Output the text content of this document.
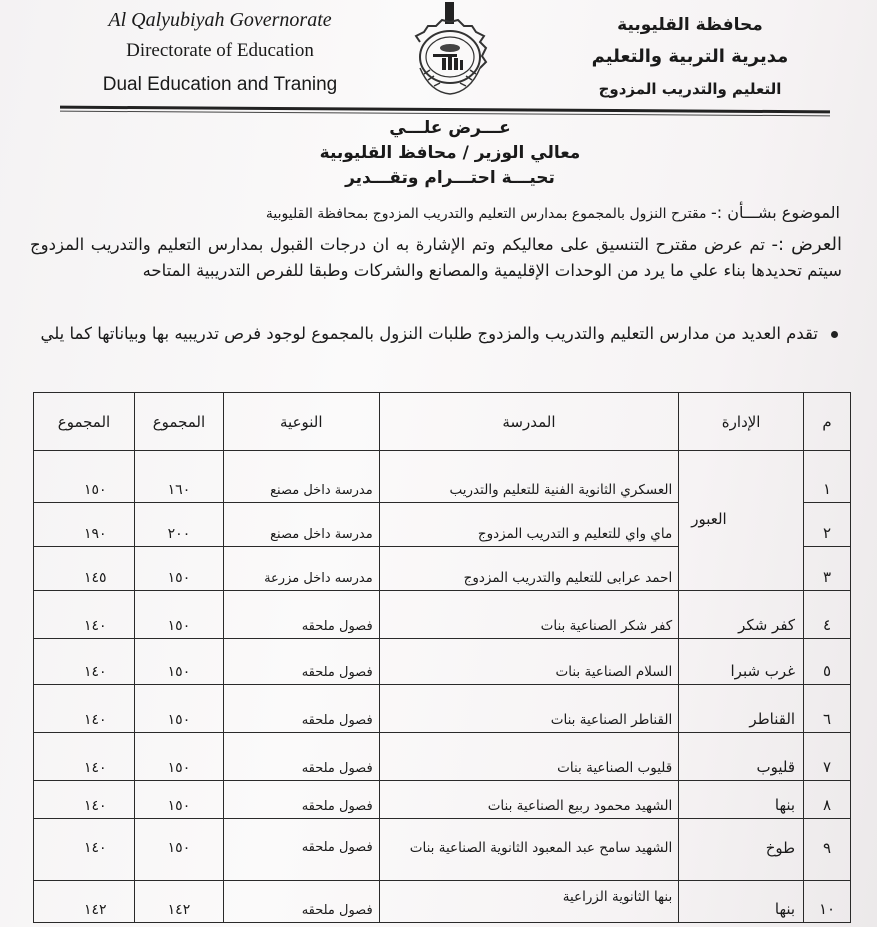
Al Qalyubiyah Governorate
Directorate of Education
Dual Education and Traning
محافظة القليوبية
مديرية التربية والتعليم
التعليم والتدريب المزدوج
عـــرض علـــي
معالي الوزير / محافظ القليوبية
تحيـــة احتـــرام وتقـــدير
الموضوع بشـــأن :- مقترح النزول بالمجموع بمدارس التعليم والتدريب المزدوج بمحافظة القليوبية
العرض :- تم عرض مقترح التنسيق على معاليكم وتم الإشارة به ان درجات القبول بمدارس التعليم والتدريب المزدوج سيتم تحديدها بناء علي ما يرد من الوحدات الإقليمية والمصانع والشركات وطبقا للفرص التدريبية المتاحه
تقدم العديد من مدارس التعليم والتدريب والمزدوج طلبات النزول بالمجموع لوجود فرص تدريبيه بها وبياناتها كما يلي
م	الإدارة	المدرسة	النوعية	المجموع	المجموع
١	العبور	العسكري الثانوية الفنية للتعليم والتدريب	مدرسة داخل مصنع	١٦٠	١٥٠
٢		ماي واي للتعليم و التدريب المزدوج	مدرسة داخل مصنع	٢٠٠	١٩٠
٣		احمد عرابى للتعليم والتدريب المزدوج	مدرسه داخل مزرعة	١٥٠	١٤٥
٤	كفر شكر	كفر شكر الصناعية بنات	فصول ملحقه	١٥٠	١٤٠
٥	غرب شبرا	السلام الصناعية بنات	فصول ملحقه	١٥٠	١٤٠
٦	القناطر	القناطر الصناعية بنات	فصول ملحقه	١٥٠	١٤٠
٧	قليوب	قليوب الصناعية بنات	فصول ملحقه	١٥٠	١٤٠
٨	بنها	الشهيد محمود ربيع الصناعية بنات	فصول ملحقه	١٥٠	١٤٠
٩	طوخ	الشهيد سامح عبد المعبود الثانوية الصناعية بنات	فصول ملحقه	١٥٠	١٤٠
١٠	بنها	بنها الثانوية الزراعية	فصول ملحقه	١٤٢	١٤٢
